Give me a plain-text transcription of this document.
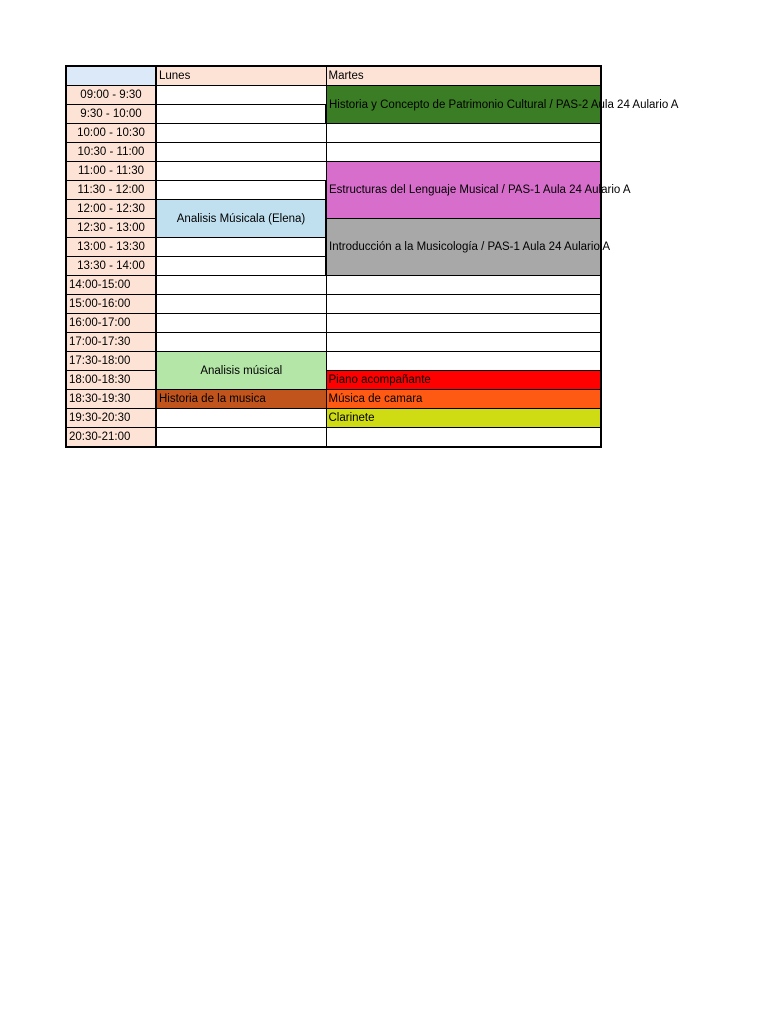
	Lunes	Martes
09:00 - 9:30		Historia y Concepto de Patrimonio Cultural / PAS-2 Aula 24 Aulario A
9:30 - 10:00		
10:00 - 10:30		
10:30 - 11:00		
11:00 - 11:30		Estructuras del Lenguaje Musical / PAS-1 Aula 24 Aulario A
11:30 - 12:00		
12:00 - 12:30	Analisis Músicala (Elena)	
12:30 - 13:00		Introducción a la Musicología / PAS-1 Aula 24 Aulario A
13:00 - 13:30		
13:30 - 14:00		
14:00-15:00		
15:00-16:00		
16:00-17:00		
17:00-17:30		
17:30-18:00	Analisis músical	
18:00-18:30		Piano acompañante
18:30-19:30	Historia de la musica	Música de camara
19:30-20:30		Clarinete
20:30-21:00		
